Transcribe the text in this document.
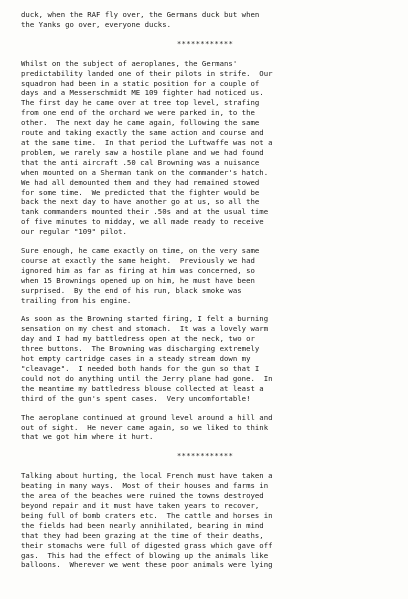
duck, when the RAF fly over, the Germans duck but when
the Yanks go over, everyone ducks.
************
Whilst on the subject of aeroplanes, the Germans'
predictability landed one of their pilots in strife.  Our
squadron had been in a static position for a couple of
days and a Messerschmidt ME 109 fighter had noticed us.
The first day he came over at tree top level, strafing
from one end of the orchard we were parked in, to the
other.  The next day he came again, following the same
route and taking exactly the same action and course and
at the same time.  In that period the Luftwaffe was not a
problem, we rarely saw a hostile plane and we had found
that the anti aircraft .50 cal Browning was a nuisance
when mounted on a Sherman tank on the commander's hatch.
We had all demounted them and they had remained stowed
for some time.  We predicted that the fighter would be
back the next day to have another go at us, so all the
tank commanders mounted their .50s and at the usual time
of five minutes to midday, we all made ready to receive
our regular "109" pilot.
Sure enough, he came exactly on time, on the very same
course at exactly the same height.  Previously we had
ignored him as far as firing at him was concerned, so
when 15 Brownings opened up on him, he must have been
surprised.  By the end of his run, black smoke was
trailing from his engine.
As soon as the Browning started firing, I felt a burning
sensation on my chest and stomach.  It was a lovely warm
day and I had my battledress open at the neck, two or
three buttons.  The Browning was discharging extremely
hot empty cartridge cases in a steady stream down my
"cleavage".  I needed both hands for the gun so that I
could not do anything until the Jerry plane had gone.  In
the meantime my battledress blouse collected at least a
third of the gun's spent cases.  Very uncomfortable!
The aeroplane continued at ground level around a hill and
out of sight.  He never came again, so we liked to think
that we got him where it hurt.
************
Talking about hurting, the local French must have taken a
beating in many ways.  Most of their houses and farms in
the area of the beaches were ruined the towns destroyed
beyond repair and it must have taken years to recover,
being full of bomb craters etc.  The cattle and horses in
the fields had been nearly annihilated, bearing in mind
that they had been grazing at the time of their deaths,
their stomachs were full of digested grass which gave off
gas.  This had the effect of blowing up the animals like
balloons.  Wherever we went these poor animals were lying
